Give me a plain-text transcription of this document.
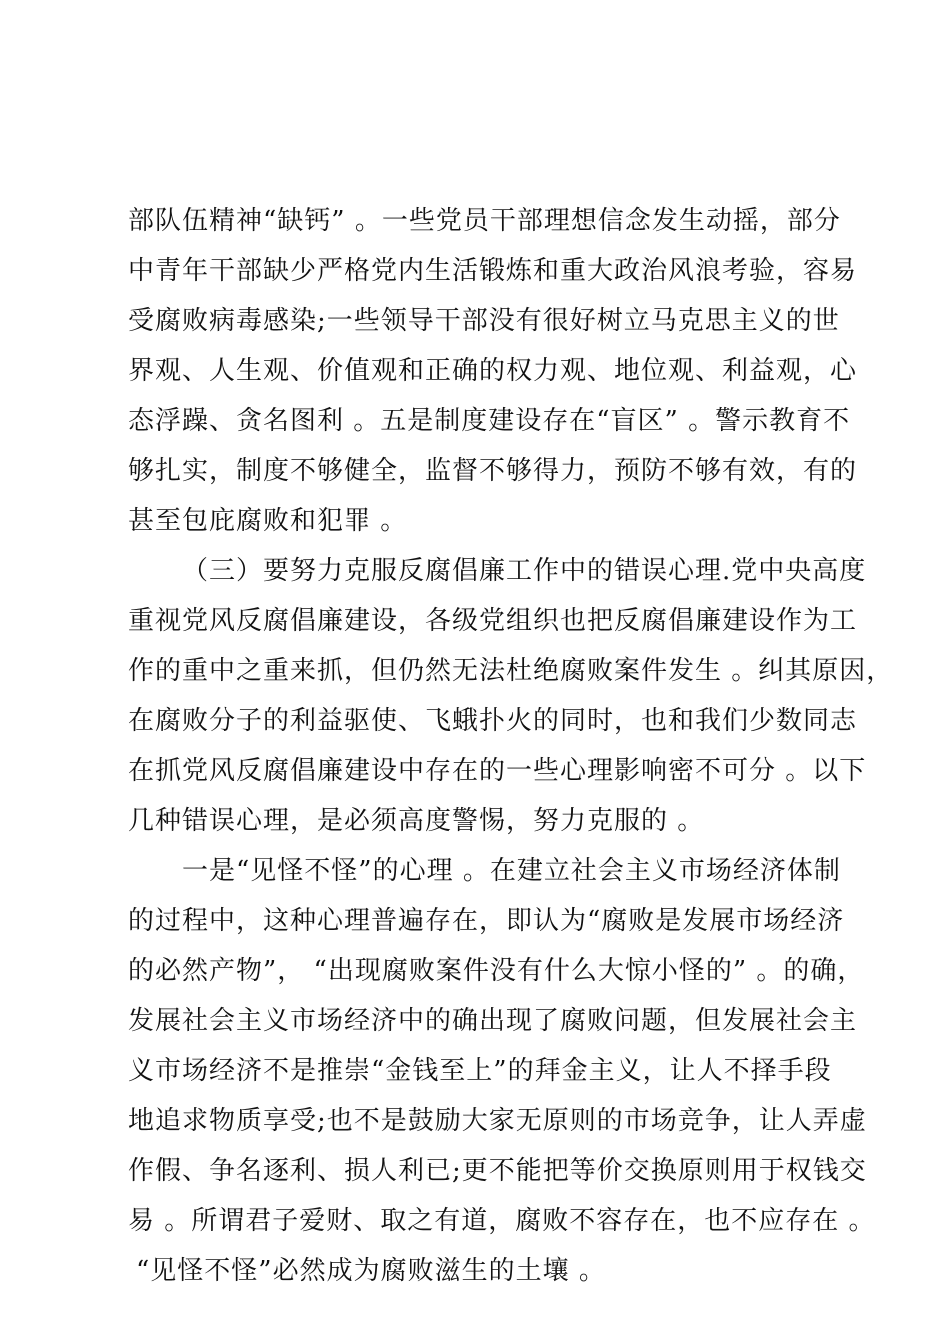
部队伍精神“缺钙” 。一些党员干部理想信念发生动摇，部分
中青年干部缺少严格党内生活锻炼和重大政治风浪考验，容易
受腐败病毒感染;一些领导干部没有很好树立马克思主义的世
界观、人生观、价值观和正确的权力观、地位观、利益观，心
态浮躁、贪名图利 。五是制度建设存在“盲区” 。警示教育不
够扎实，制度不够健全，监督不够得力，预防不够有效，有的
甚至包庇腐败和犯罪 。
（三）要努力克服反腐倡廉工作中的错误心理.党中央高度
重视党风反腐倡廉建设，各级党组织也把反腐倡廉建设作为工
作的重中之重来抓，但仍然无法杜绝腐败案件发生 。纠其原因，
在腐败分子的利益驱使、飞蛾扑火的同时，也和我们少数同志
在抓党风反腐倡廉建设中存在的一些心理影响密不可分 。以下
几种错误心理，是必须高度警惕，努力克服的 。
一是“见怪不怪”的心理 。在建立社会主义市场经济体制
的过程中，这种心理普遍存在，即认为“腐败是发展市场经济
的必然产物”， “出现腐败案件没有什么大惊小怪的” 。的确，
发展社会主义市场经济中的确出现了腐败问题，但发展社会主
义市场经济不是推崇“金钱至上”的拜金主义，让人不择手段
地追求物质享受;也不是鼓励大家无原则的市场竞争，让人弄虚
作假、争名逐利、损人利已;更不能把等价交换原则用于权钱交
易 。所谓君子爱财、取之有道，腐败不容存在，也不应存在 。
“见怪不怪”必然成为腐败滋生的土壤 。
